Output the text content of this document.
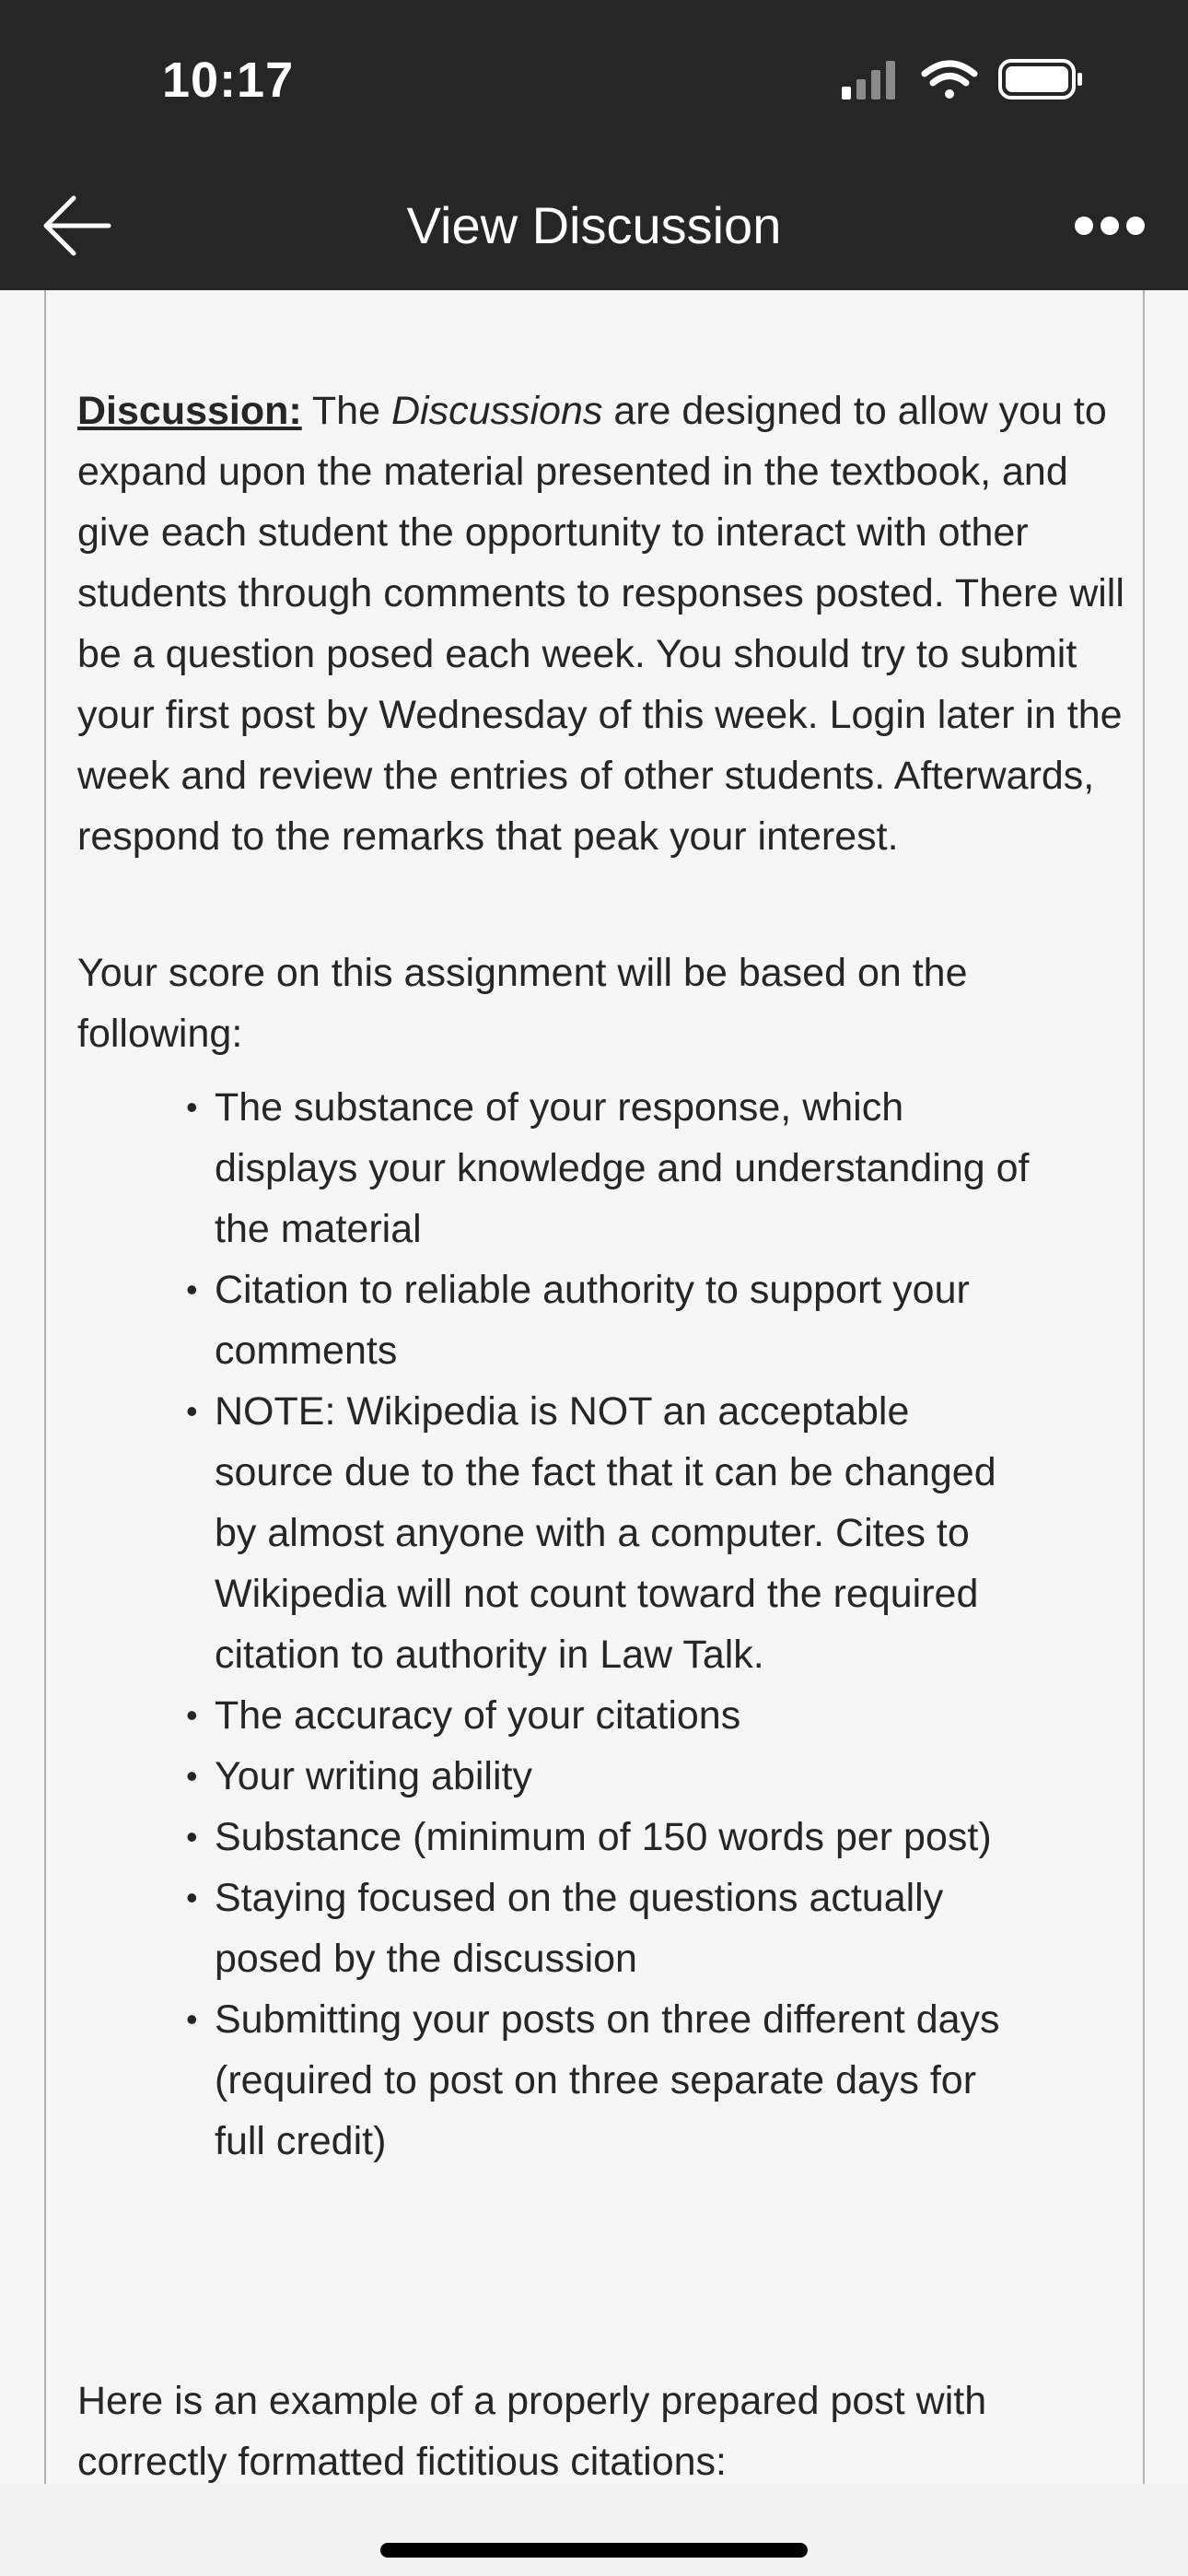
10:17
View Discussion

Discussion: The Discussions are designed to allow you to expand upon the material presented in the textbook, and give each student the opportunity to interact with other students through comments to responses posted. There will be a question posed each week. You should try to submit your first post by Wednesday of this week. Login later in the week and review the entries of other students. Afterwards, respond to the remarks that peak your interest.

Your score on this assignment will be based on the following:

• The substance of your response, which displays your knowledge and understanding of the material
• Citation to reliable authority to support your comments
• NOTE: Wikipedia is NOT an acceptable source due to the fact that it can be changed by almost anyone with a computer. Cites to Wikipedia will not count toward the required citation to authority in Law Talk.
• The accuracy of your citations
• Your writing ability
• Substance (minimum of 150 words per post)
• Staying focused on the questions actually posed by the discussion
• Submitting your posts on three different days (required to post on three separate days for full credit)

Here is an example of a properly prepared post with correctly formatted fictitious citations:
